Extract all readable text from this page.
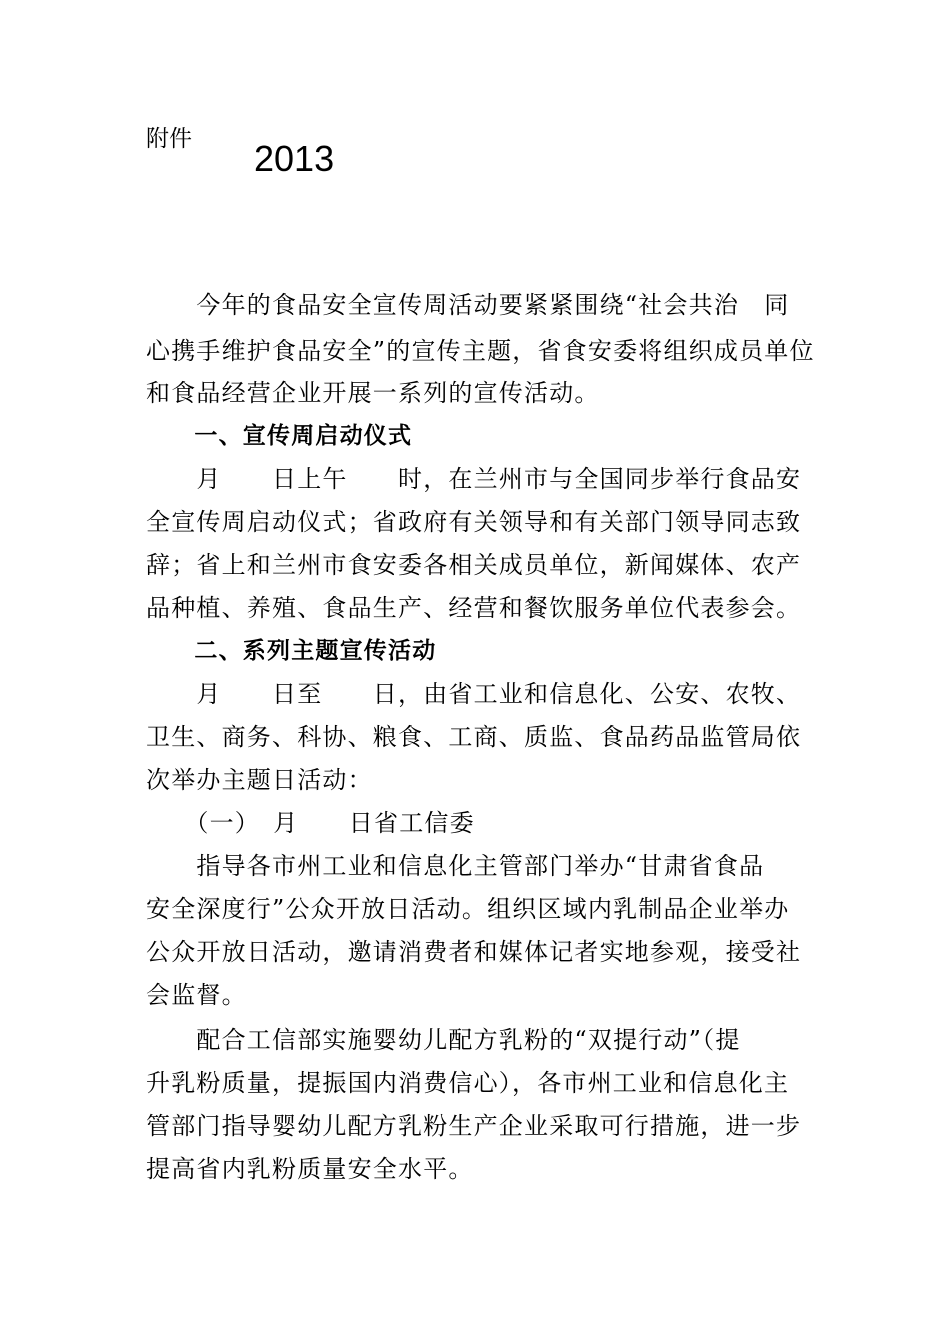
附件 2013
　　今年的食品安全宣传周活动要紧紧围绕“社会共治　同
心携手维护食品安全”的宣传主题，省食安委将组织成员单位
和食品经营企业开展一系列的宣传活动。
　　一、宣传周启动仪式
　　月　　日上午　　时，在兰州市与全国同步举行食品安
全宣传周启动仪式；省政府有关领导和有关部门领导同志致
辞；省上和兰州市食安委各相关成员单位，新闻媒体、农产
品种植、养殖、食品生产、经营和餐饮服务单位代表参会。
　　二、系列主题宣传活动
　　月　　日至　　日，由省工业和信息化、公安、农牧、
卫生、商务、科协、粮食、工商、质监、食品药品监管局依
次举办主题日活动：
　　（一）　月　　日省工信委
　　指导各市州工业和信息化主管部门举办“甘肃省食品
安全深度行”公众开放日活动。组织区域内乳制品企业举办
公众开放日活动，邀请消费者和媒体记者实地参观，接受社
会监督。
　　配合工信部实施婴幼儿配方乳粉的“双提行动”（提
升乳粉质量，提振国内消费信心），各市州工业和信息化主
管部门指导婴幼儿配方乳粉生产企业采取可行措施，进一步
提高省内乳粉质量安全水平。
